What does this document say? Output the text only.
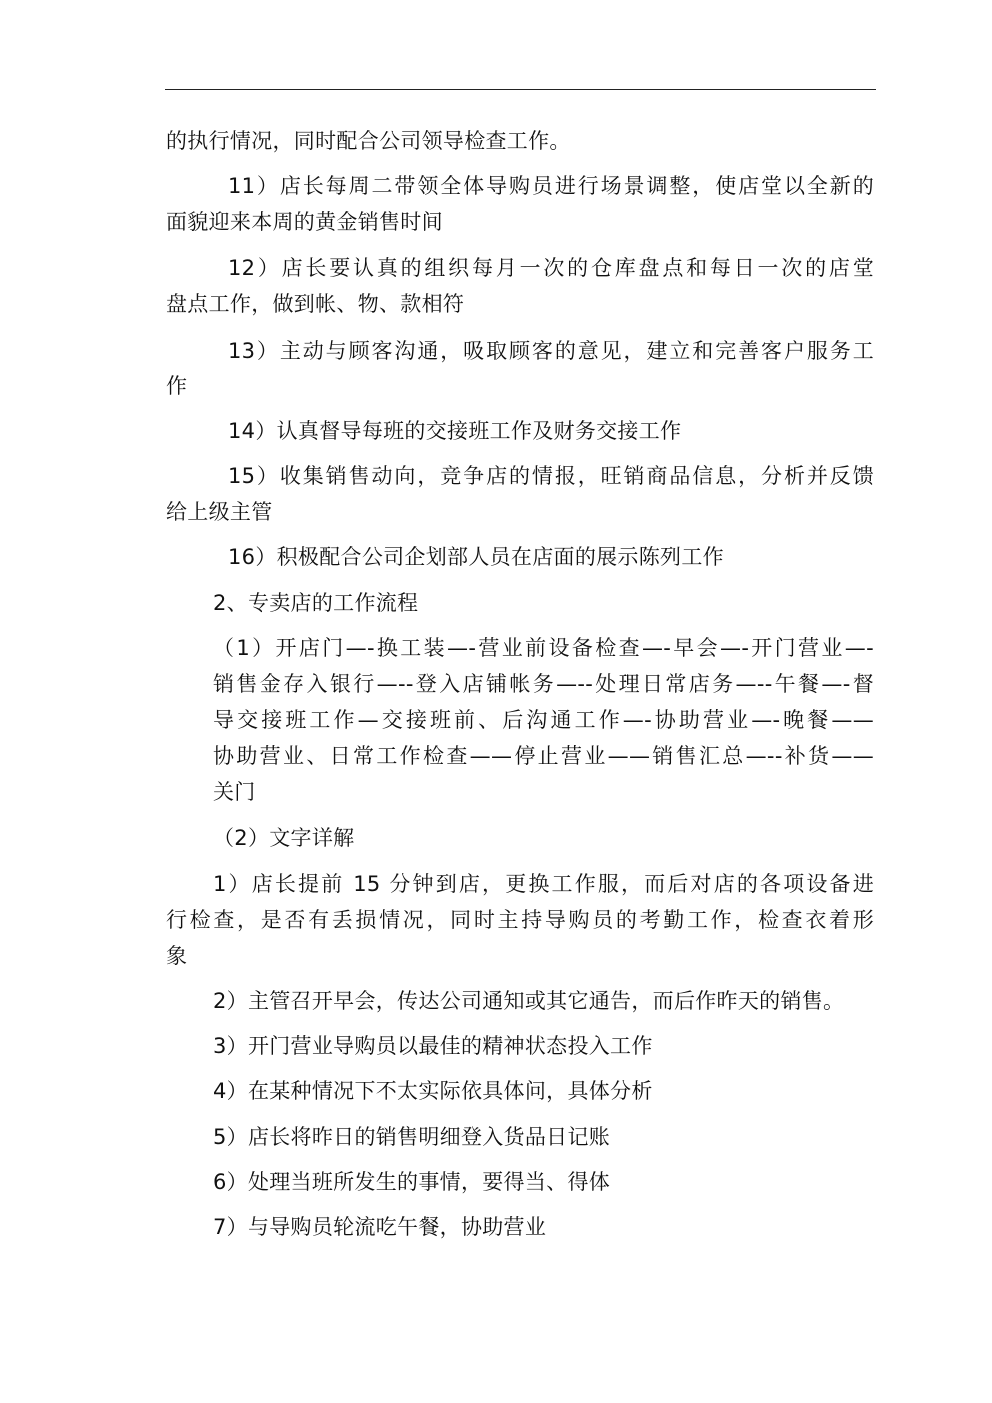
的执行情况，同时配合公司领导检查工作。
11）店长每周二带领全体导购员进行场景调整，使店堂以全新的
面貌迎来本周的黄金销售时间
12）店长要认真的组织每月一次的仓库盘点和每日一次的店堂
盘点工作，做到帐、物、款相符
13）主动与顾客沟通，吸取顾客的意见，建立和完善客户服务工
作
14）认真督导每班的交接班工作及财务交接工作
15）收集销售动向，竞争店的情报，旺销商品信息，分析并反馈
给上级主管
16）积极配合公司企划部人员在店面的展示陈列工作
2、专卖店的工作流程
（1）开店门—-换工装—-营业前设备检查—-早会—-开门营业—-
销售金存入银行—--登入店铺帐务—--处理日常店务—--午餐—-督
导交接班工作—交接班前、后沟通工作—-协助营业—-晚餐——
协助营业、日常工作检查——停止营业——销售汇总—--补货——
关门
（2）文字详解
1）店长提前 15 分钟到店，更换工作服，而后对店的各项设备进
行检查，是否有丢损情况，同时主持导购员的考勤工作，检查衣着形
象
2）主管召开早会，传达公司通知或其它通告，而后作昨天的销售。
3）开门营业导购员以最佳的精神状态投入工作
4）在某种情况下不太实际依具体问，具体分析
5）店长将昨日的销售明细登入货品日记账
6）处理当班所发生的事情，要得当、得体
7）与导购员轮流吃午餐，协助营业
